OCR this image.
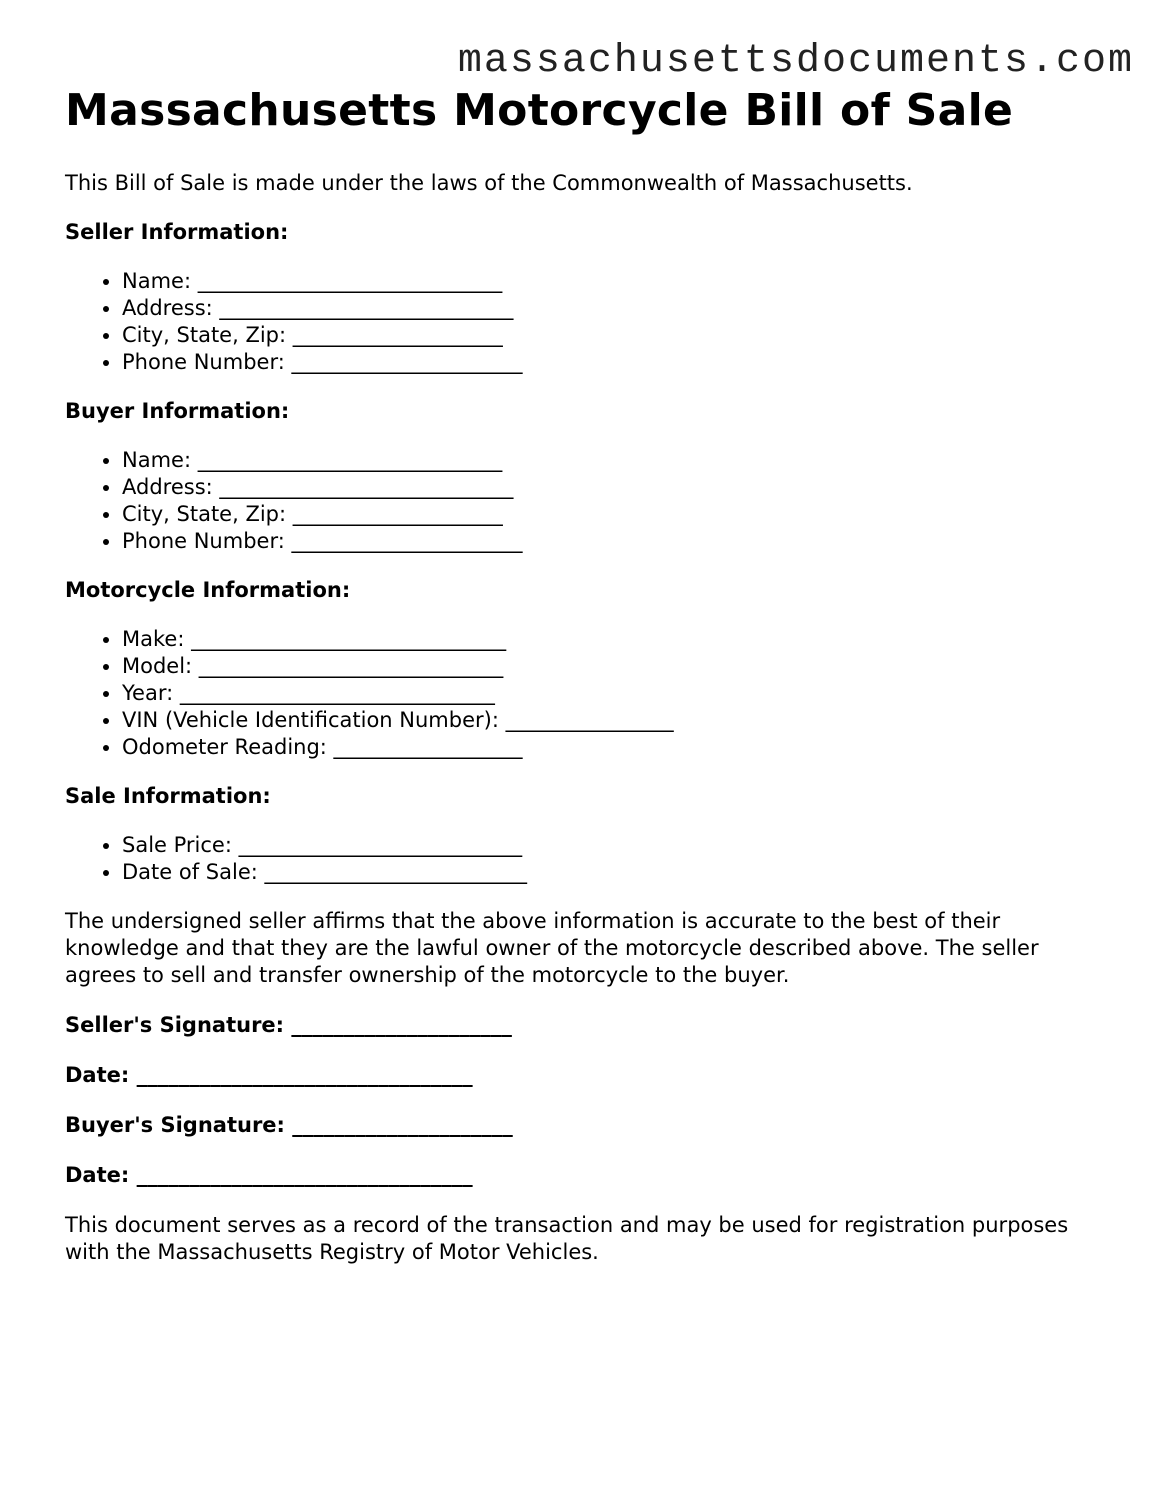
massachusettsdocuments.com
Massachusetts Motorcycle Bill of Sale

This Bill of Sale is made under the laws of the Commonwealth of Massachusetts.

Seller Information:

• Name: _____________________________
• Address: ____________________________
• City, State, Zip: ____________________
• Phone Number: ______________________

Buyer Information:

• Name: _____________________________
• Address: ____________________________
• City, State, Zip: ____________________
• Phone Number: ______________________

Motorcycle Information:

• Make: ______________________________
• Model: _____________________________
• Year: ______________________________
• VIN (Vehicle Identification Number): ________________
• Odometer Reading: __________________

Sale Information:

• Sale Price: ___________________________
• Date of Sale: _________________________

The undersigned seller affirms that the above information is accurate to the best of their knowledge and that they are the lawful owner of the motorcycle described above. The seller agrees to sell and transfer ownership of the motorcycle to the buyer.

Seller's Signature: _____________________

Date: ________________________________

Buyer's Signature: _____________________

Date: ________________________________

This document serves as a record of the transaction and may be used for registration purposes with the Massachusetts Registry of Motor Vehicles.
